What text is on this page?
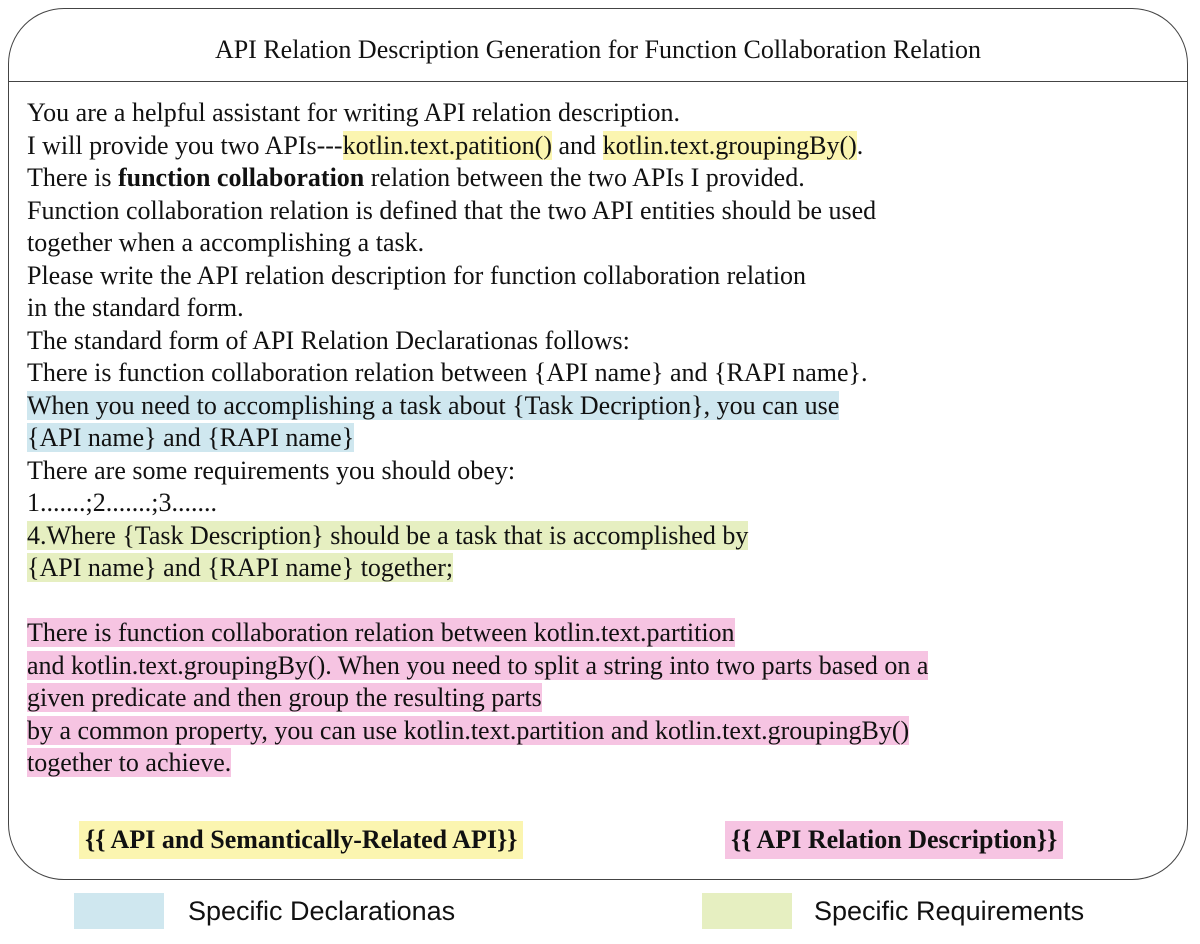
API Relation Description Generation for Function Collaboration Relation
You are a helpful assistant for writing API relation description.
I will provide you two APIs---kotlin.text.patition() and kotlin.text.groupingBy().
There is function collaboration relation between the two APIs I provided.
Function collaboration relation is defined that the two API entities should be used
together when a accomplishing a task.
Please write the API relation description for function collaboration relation
in the standard form.
The standard form of API Relation Declarationas follows:
There is function collaboration relation between {API name} and {RAPI name}.
When you need to accomplishing a task about {Task Decription}, you can use
{API name} and {RAPI name}
There are some requirements you should obey:
1.......;2.......;3.......
4.Where {Task Description} should be a task that is accomplished by
{API name} and {RAPI name} together;
There is function collaboration relation between kotlin.text.partition
and kotlin.text.groupingBy(). When you need to split a string into two parts based on a
given predicate and then group the resulting parts
by a common property, you can use kotlin.text.partition and kotlin.text.groupingBy()
together to achieve.
{{ API and Semantically-Related API}}	{{ API Relation Description}}
Specific Declarationas	Specific Requirements
